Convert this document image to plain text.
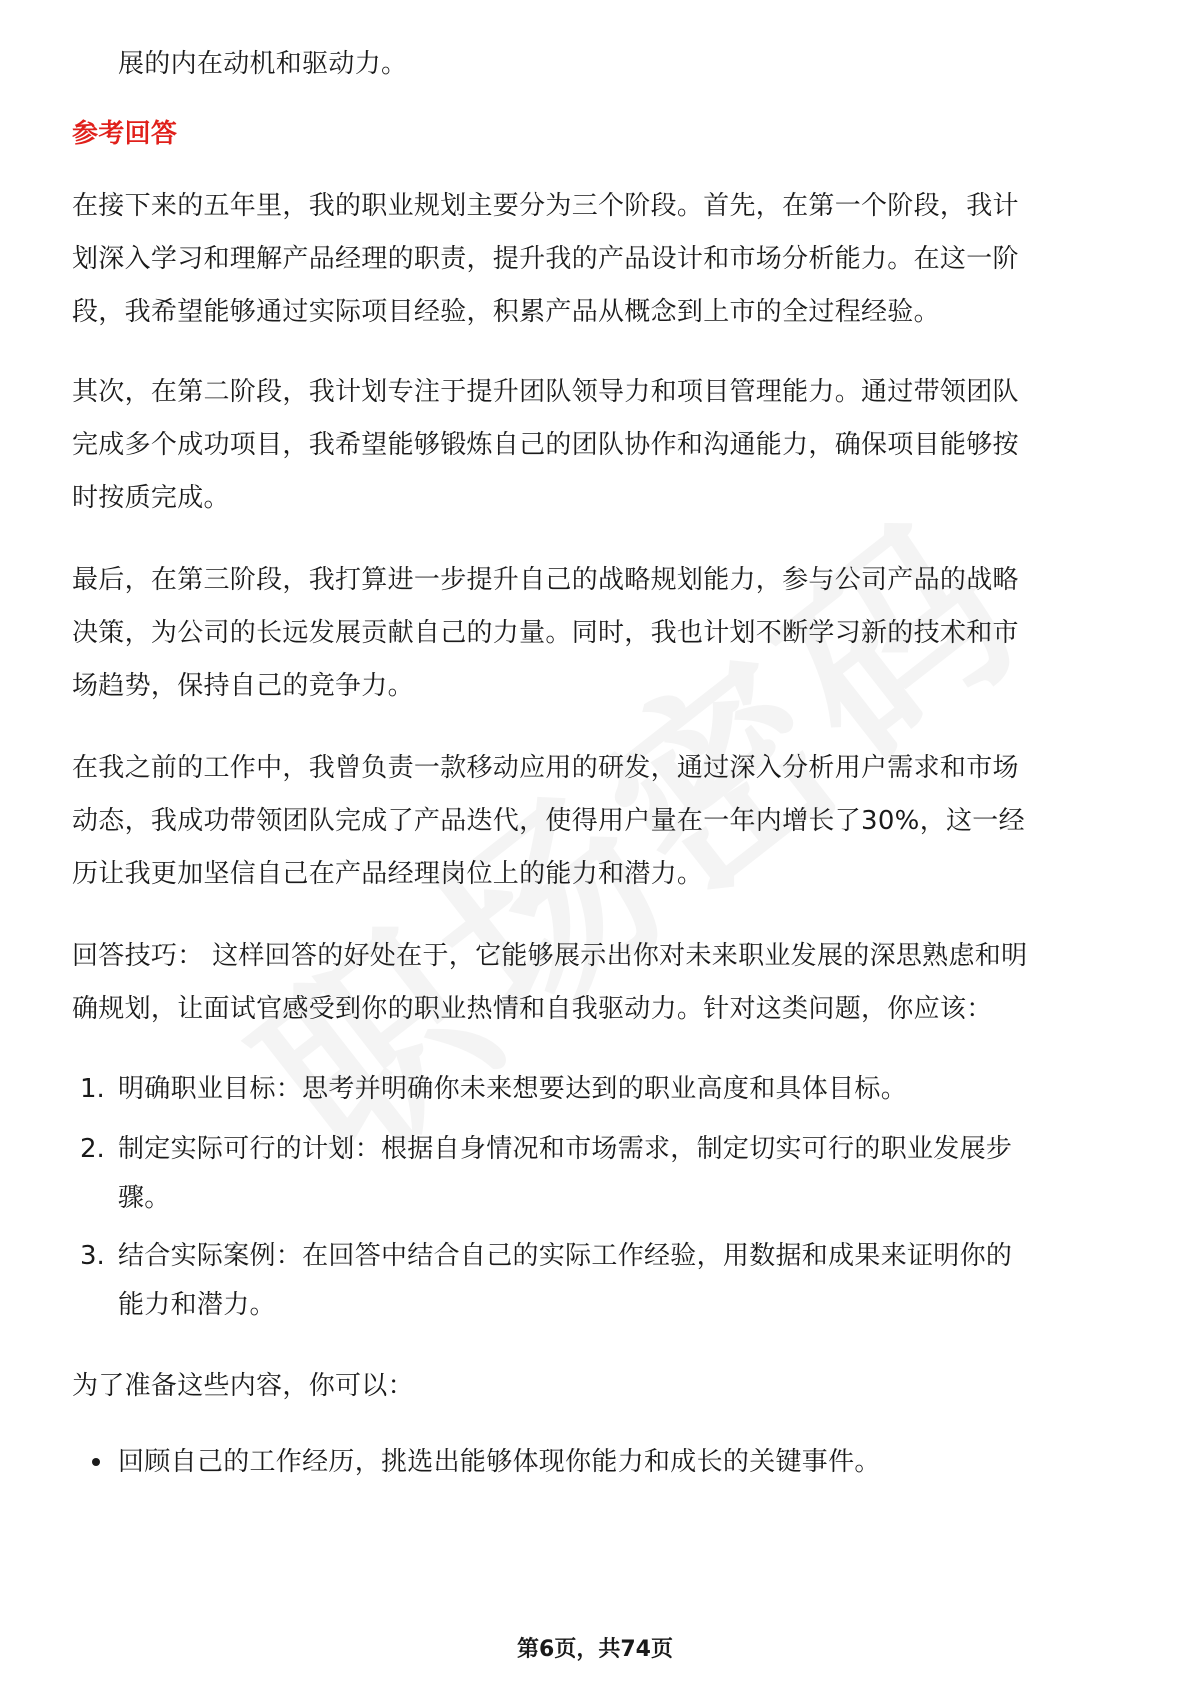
展的内在动机和驱动力。
参考回答
在接下来的五年里，我的职业规划主要分为三个阶段。首先，在第一个阶段，我计
划深入学习和理解产品经理的职责，提升我的产品设计和市场分析能力。在这一阶
段，我希望能够通过实际项目经验，积累产品从概念到上市的全过程经验。
其次，在第二阶段，我计划专注于提升团队领导力和项目管理能力。通过带领团队
完成多个成功项目，我希望能够锻炼自己的团队协作和沟通能力，确保项目能够按
时按质完成。
最后，在第三阶段，我打算进一步提升自己的战略规划能力，参与公司产品的战略
决策，为公司的长远发展贡献自己的力量。同时，我也计划不断学习新的技术和市
场趋势，保持自己的竞争力。
在我之前的工作中，我曾负责一款移动应用的研发，通过深入分析用户需求和市场
动态，我成功带领团队完成了产品迭代，使得用户量在一年内增长了30%，这一经
历让我更加坚信自己在产品经理岗位上的能力和潜力。
回答技巧： 这样回答的好处在于，它能够展示出你对未来职业发展的深思熟虑和明
确规划，让面试官感受到你的职业热情和自我驱动力。针对这类问题，你应该：
1. 明确职业目标：思考并明确你未来想要达到的职业高度和具体目标。
2. 制定实际可行的计划：根据自身情况和市场需求，制定切实可行的职业发展步
骤。
3. 结合实际案例：在回答中结合自己的实际工作经验，用数据和成果来证明你的
能力和潜力。
为了准备这些内容，你可以：
回顾自己的工作经历，挑选出能够体现你能力和成长的关键事件。
第6页，共74页
